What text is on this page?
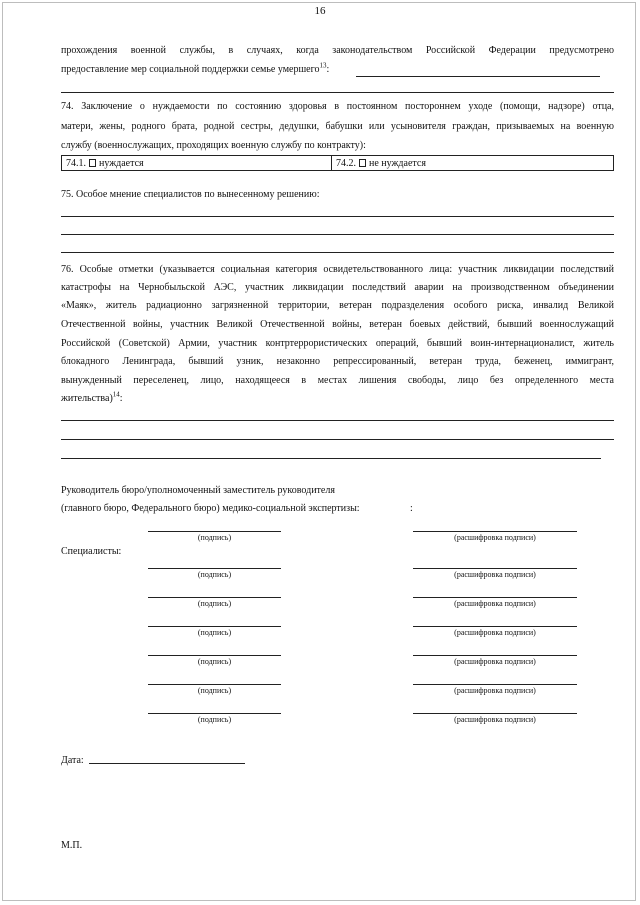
16
прохождения военной службы, в случаях, когда законодательством Российской Федерации предусмотрено
предоставление мер социальной поддержки семье умершего$^{13}$:
74. Заключение о нуждаемости по состоянию здоровья в постоянном постороннем уходе (помощи, надзоре) отца,
матери, жены, родного брата, родной сестры, дедушки, бабушки или усыновителя граждан, призываемых на военную
службу (военнослужащих, проходящих военную службу по контракту):
74.1. нуждается	74.2. не нуждается
75. Особое мнение специалистов по вынесенному решению:
76. Особые отметки (указывается социальная категория освидетельствованного лица: участник ликвидации последствий
катастрофы на Чернобыльской АЭС, участник ликвидации последствий аварии на производственном объединении
«Маяк», житель радиационно загрязненной территории, ветеран подразделения особого риска, инвалид Великой
Отечественной войны, участник Великой Отечественной войны, ветеран боевых действий, бывший военнослужащий
Российской (Советской) Армии, участник контртеррористических операций, бывший воин-интернационалист, житель
блокадного Ленинграда, бывший узник, незаконно репрессированный, ветеран труда, беженец, иммигрант,
вынужденный переселенец, лицо, находящееся в местах лишения свободы, лицо без определенного места
жительства)$^{14}$:
Руководитель бюро/уполномоченный заместитель руководителя
(главного бюро, Федерального бюро) медико-социальной экспертизы:	:
(подпись)	(расшифровка подписи)
Специалисты:
(подпись)	(расшифровка подписи)
(подпись)	(расшифровка подписи)
(подпись)	(расшифровка подписи)
(подпись)	(расшифровка подписи)
(подпись)	(расшифровка подписи)
(подпись)	(расшифровка подписи)
Дата:
М.П.
